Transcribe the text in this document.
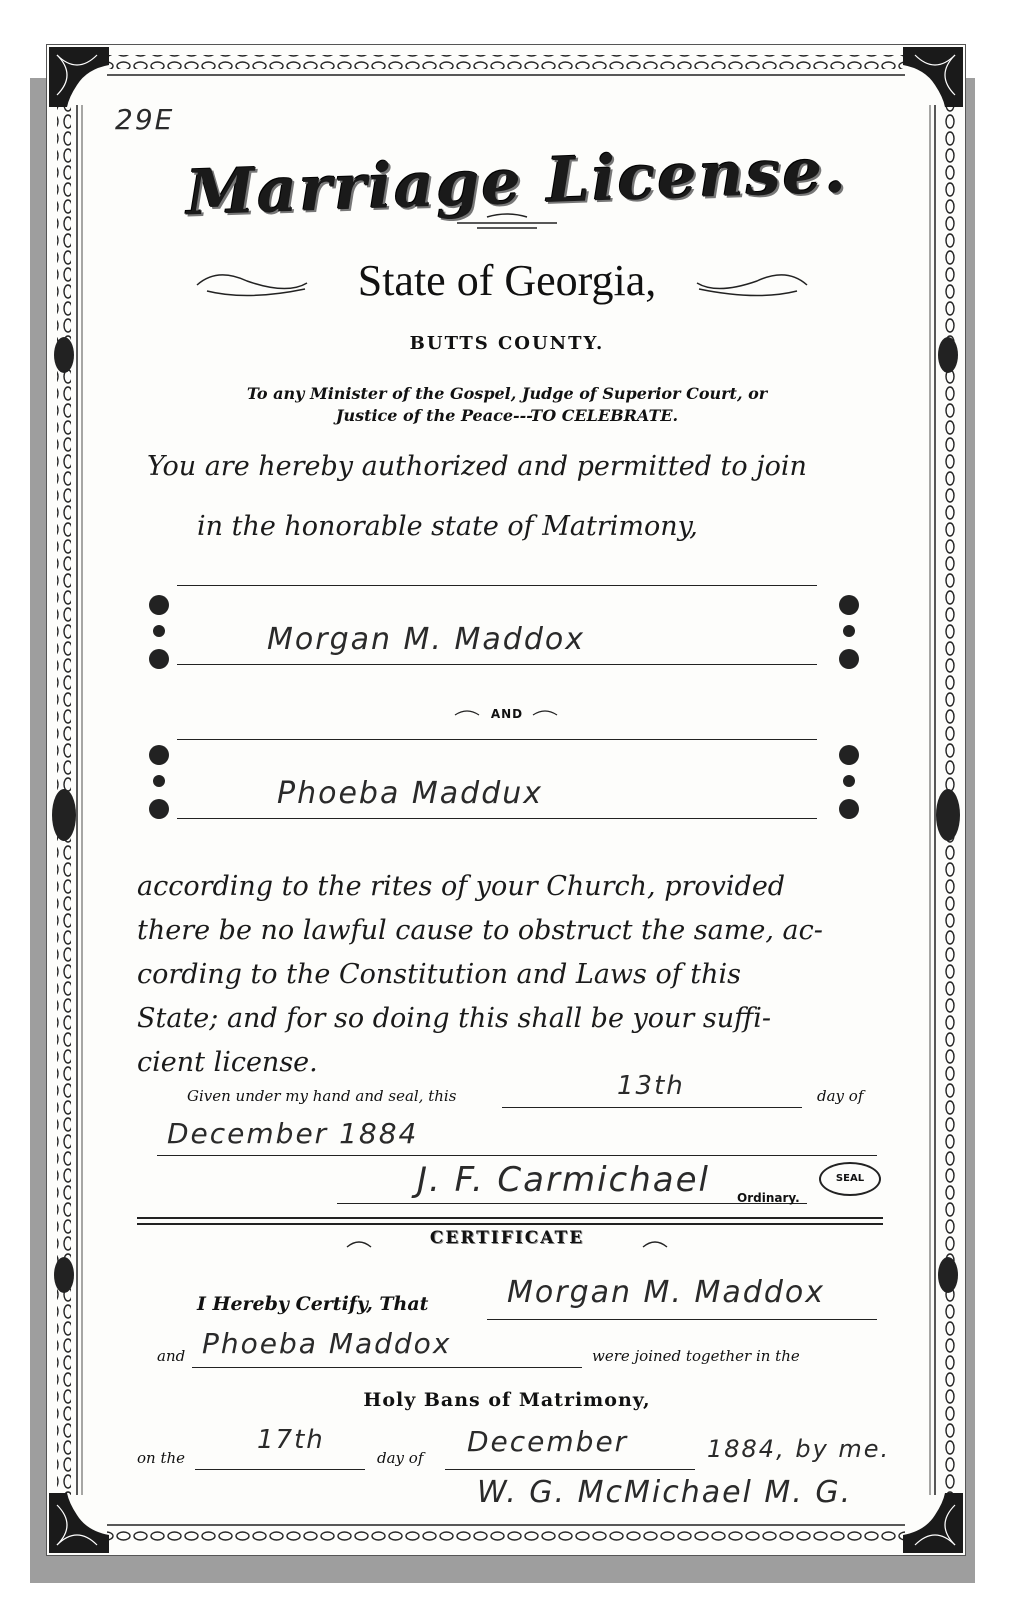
29E
Marriage License.
State of Georgia,
BUTTS COUNTY.
To any Minister of the Gospel, Judge of Superior Court, or
Justice of the Peace---TO CELEBRATE.
You are hereby authorized and permitted to join
in the honorable state of Matrimony,
Morgan M. Maddox
AND
Phoeba Maddux
according to the rites of your Church, provided
there be no lawful cause to obstruct the same, ac-
cording to the Constitution and Laws of this
State; and for so doing this shall be your suffi-
cient license.
Given under my hand and seal, this	13th	day of
December 1884
J. F. Carmichael Ordinary.
SEAL
CERTIFICATE
I Hereby Certify, That	Morgan M. Maddox
and Phoeba Maddox	were joined together in the
Holy Bans of Matrimony,
on the
17th
day of December	1884, by me.
W. G. McMichael M. G.
